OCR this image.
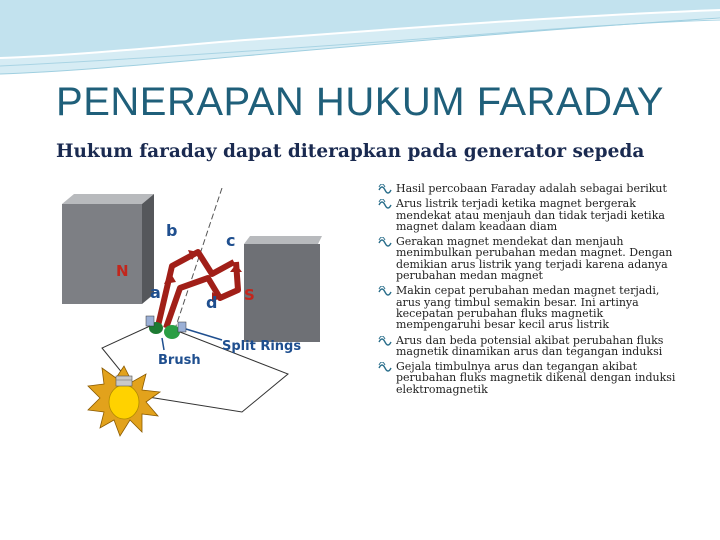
PENERAPAN HUKUM FARADAY
Hukum faraday dapat diterapkan pada generator sepeda
b
c
N
S
a
d
Split Rings
Brush
Hasil percobaan Faraday adalah sebagai berikut
Arus listrik terjadi ketika magnet bergerak mendekat atau menjauh dan tidak terjadi ketika magnet dalam keadaan diam
Gerakan magnet mendekat dan menjauh menimbulkan perubahan medan magnet. Dengan demikian arus listrik yang terjadi karena adanya perubahan medan magnet
Makin cepat perubahan medan magnet terjadi, arus yang timbul semakin besar. Ini artinya kecepatan perubahan fluks magnetik mempengaruhi besar kecil arus listrik
Arus dan beda potensial akibat perubahan fluks magnetik dinamikan arus dan tegangan induksi
Gejala timbulnya arus dan tegangan akibat perubahan fluks magnetik dikenal dengan induksi elektromagnetik
